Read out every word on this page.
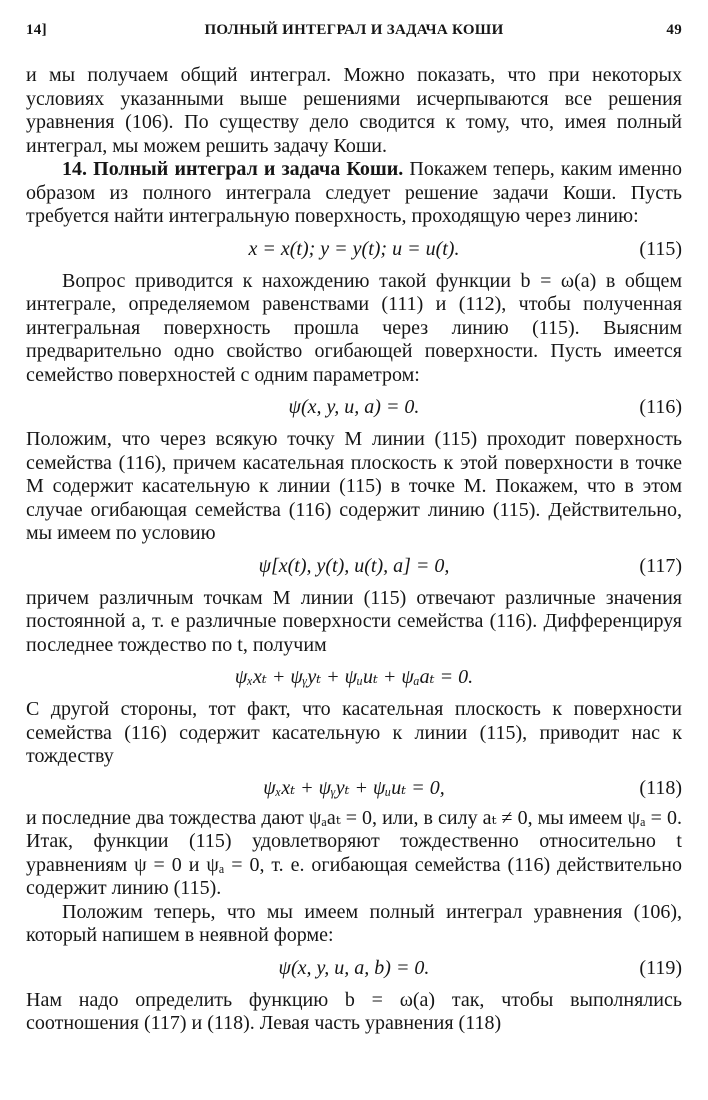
14]	ПОЛНЫЙ ИНТЕГРАЛ И ЗАДАЧА КОШИ	49

и мы получаем общий интеграл. Можно показать, что при некоторых условиях указанными выше решениями исчерпываются все решения уравнения (106). По существу дело сводится к тому, что, имея полный интеграл, мы можем решить задачу Коши.

14. Полный интеграл и задача Коши. Покажем теперь, каким именно образом из полного интеграла следует решение задачи Коши. Пусть требуется найти интегральную поверхность, проходящую через линию:

x = x(t); y = y(t); u = u(t).	(115)

Вопрос приводится к нахождению такой функции b = ω(a) в общем интеграле, определяемом равенствами (111) и (112), чтобы полученная интегральная поверхность прошла через линию (115). Выясним предварительно одно свойство огибающей поверхности. Пусть имеется семейство поверхностей с одним параметром:

ψ(x, y, u, a) = 0.	(116)

Положим, что через всякую точку M линии (115) проходит поверхность семейства (116), причем касательная плоскость к этой поверхности в точке M содержит касательную к линии (115) в точке M. Покажем, что в этом случае огибающая семейства (116) содержит линию (115). Действительно, мы имеем по условию

ψ[x(t), y(t), u(t), a] = 0,	(117)

причем различным точкам M линии (115) отвечают различные значения постоянной a, т. е различные поверхности семейства (116). Дифференцируя последнее тождество по t, получим

ψₓxₜ + ψᵧyₜ + ψᵤuₜ + ψₐaₜ = 0.

С другой стороны, тот факт, что касательная плоскость к поверхности семейства (116) содержит касательную к линии (115), приводит нас к тождеству

ψₓxₜ + ψᵧyₜ + ψᵤuₜ = 0,	(118)

и последние два тождества дают ψₐaₜ = 0, или, в силу aₜ ≠ 0, мы имеем ψₐ = 0. Итак, функции (115) удовлетворяют тождественно относительно t уравнениям ψ = 0 и ψₐ = 0, т. е. огибающая семейства (116) действительно содержит линию (115).

Положим теперь, что мы имеем полный интеграл уравнения (106), который напишем в неявной форме:

ψ(x, y, u, a, b) = 0.	(119)

Нам надо определить функцию b = ω(a) так, чтобы выполнялись соотношения (117) и (118). Левая часть уравнения (118)
